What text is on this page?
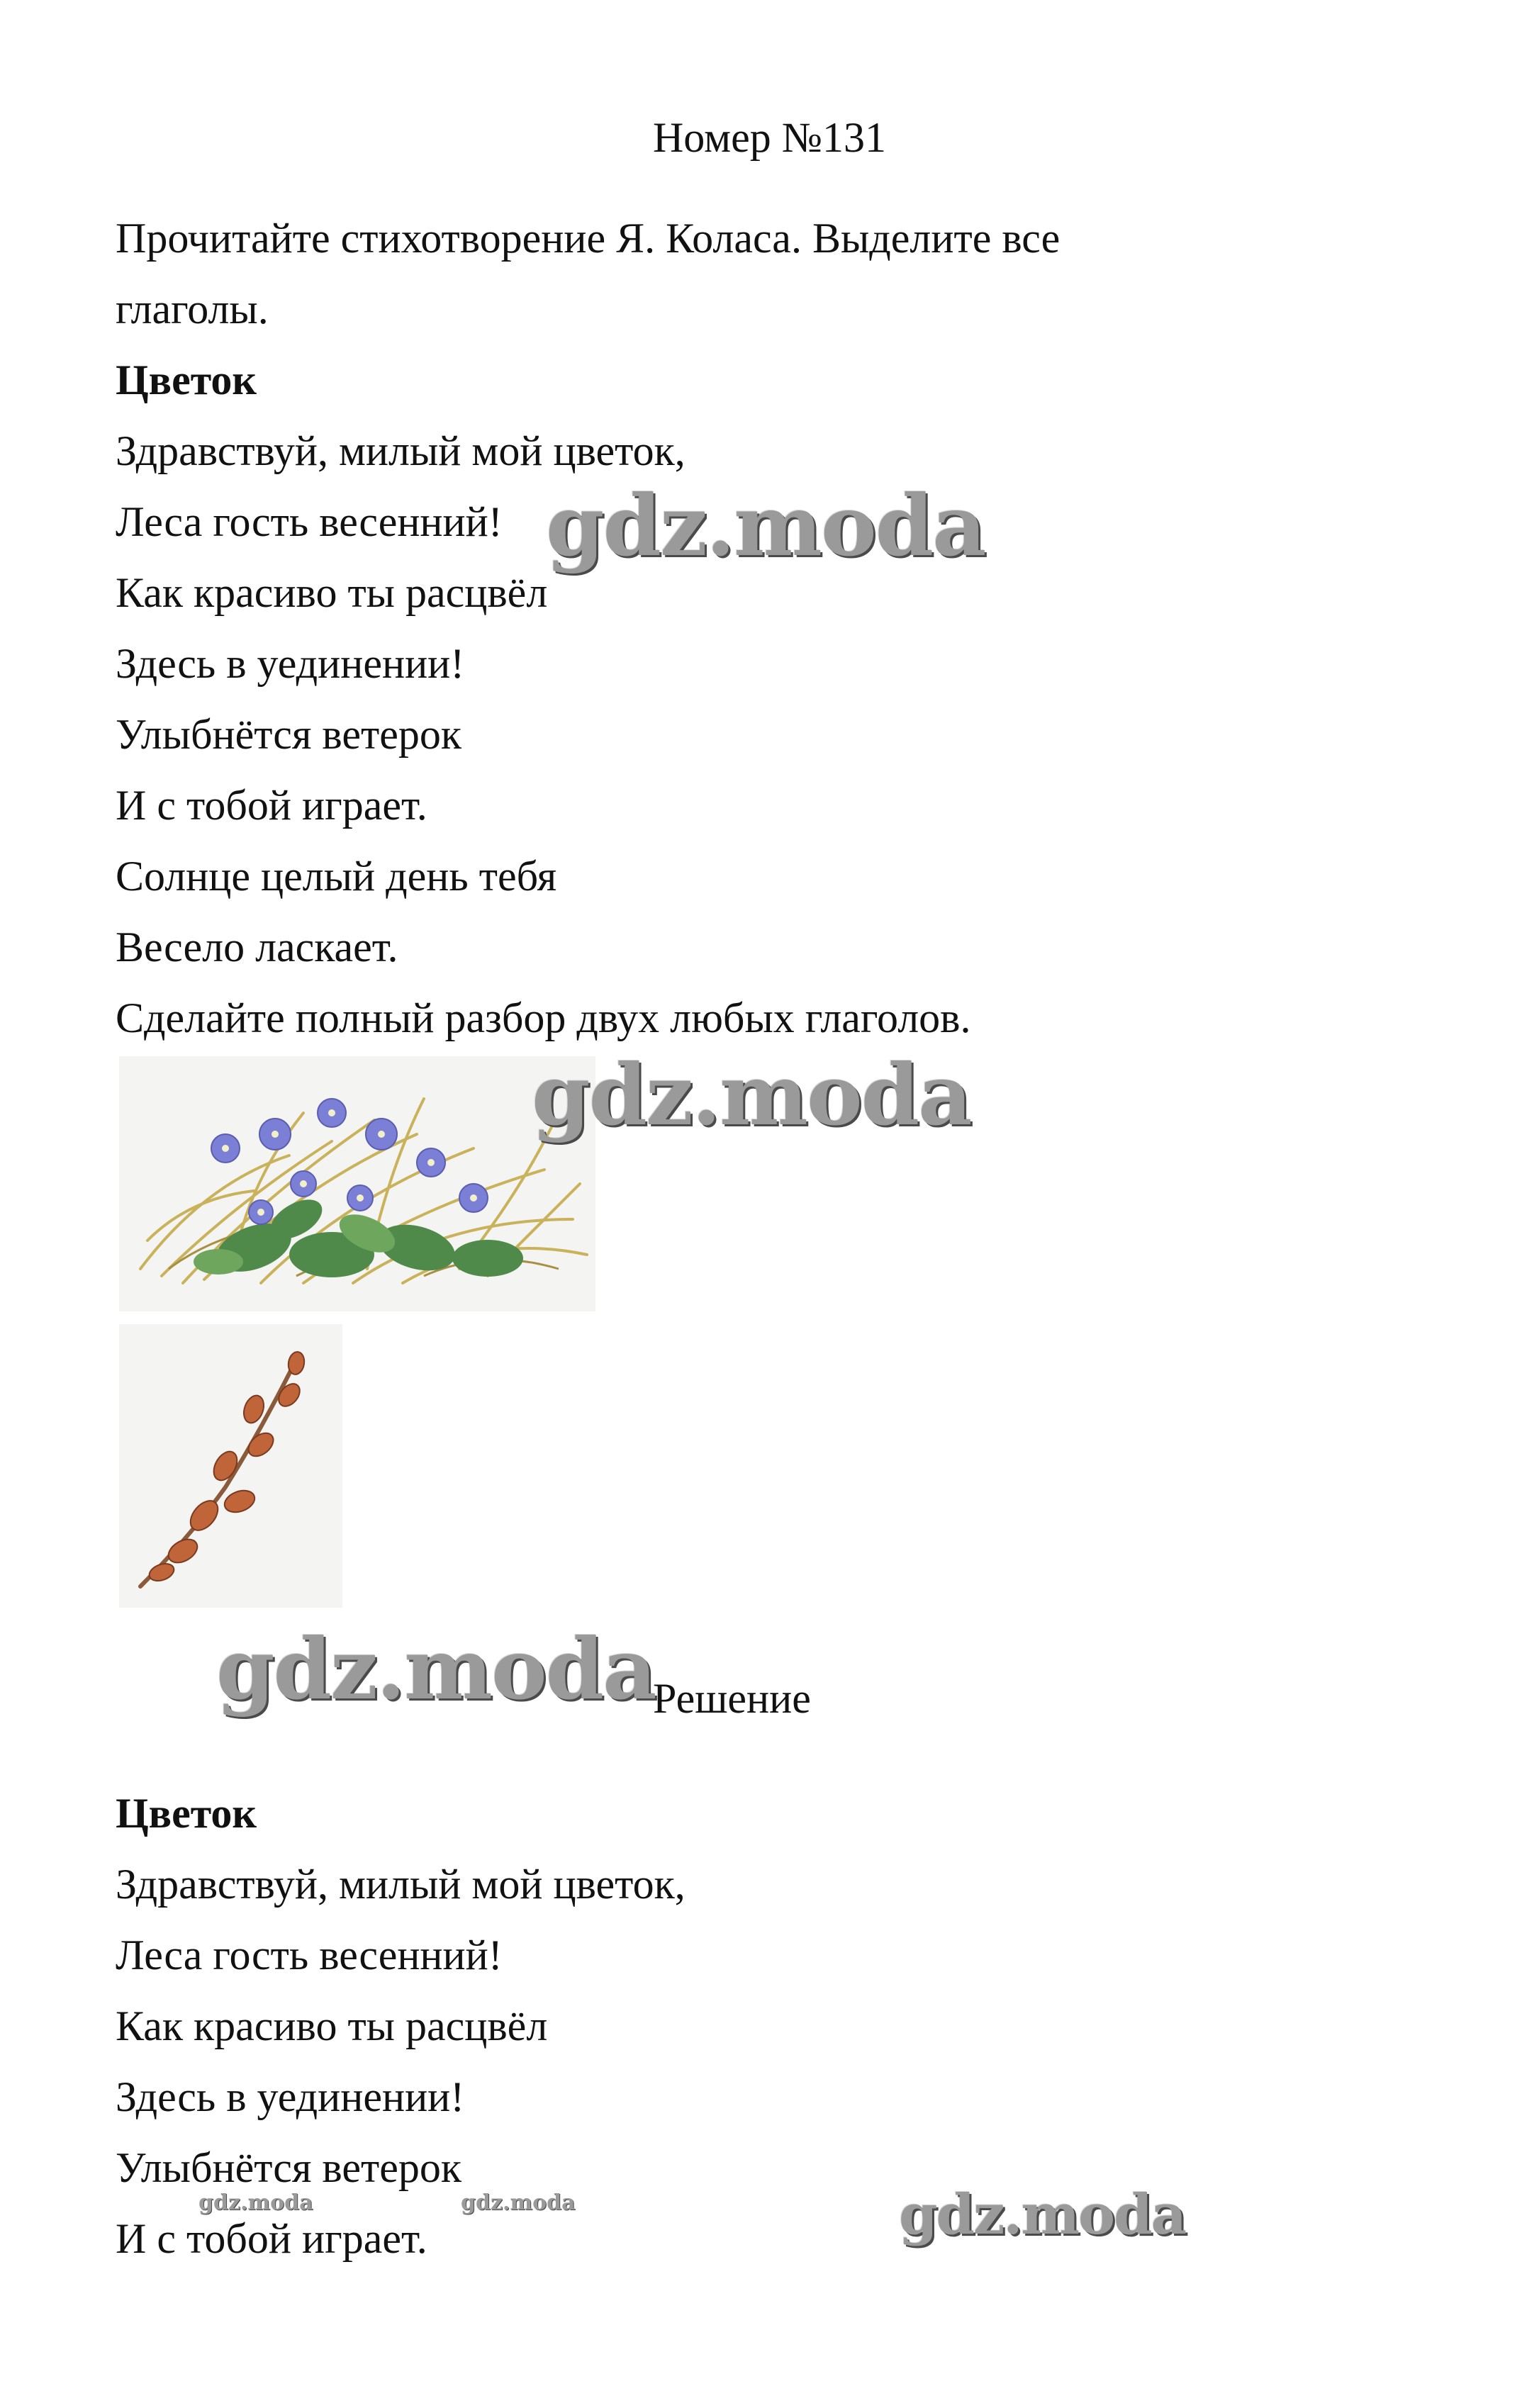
Номер №131
Прочитайте стихотворение Я. Коласа. Выделите все
глаголы.
Цветок
Здравствуй, милый мой цветок,
Леса гость весенний!
Как красиво ты расцвёл
Здесь в уединении!
Улыбнётся ветерок
И с тобой играет.
Солнце целый день тебя
Весело ласкает.
Сделайте полный разбор двух любых глаголов.
Решение
Цветок
Здравствуй, милый мой цветок,
Леса гость весенний!
Как красиво ты расцвёл
Здесь в уединении!
Улыбнётся ветерок
И с тобой играет.
gdz.moda
gdz.moda
gdz.moda
gdz.moda
gdz.moda	gdz.moda
